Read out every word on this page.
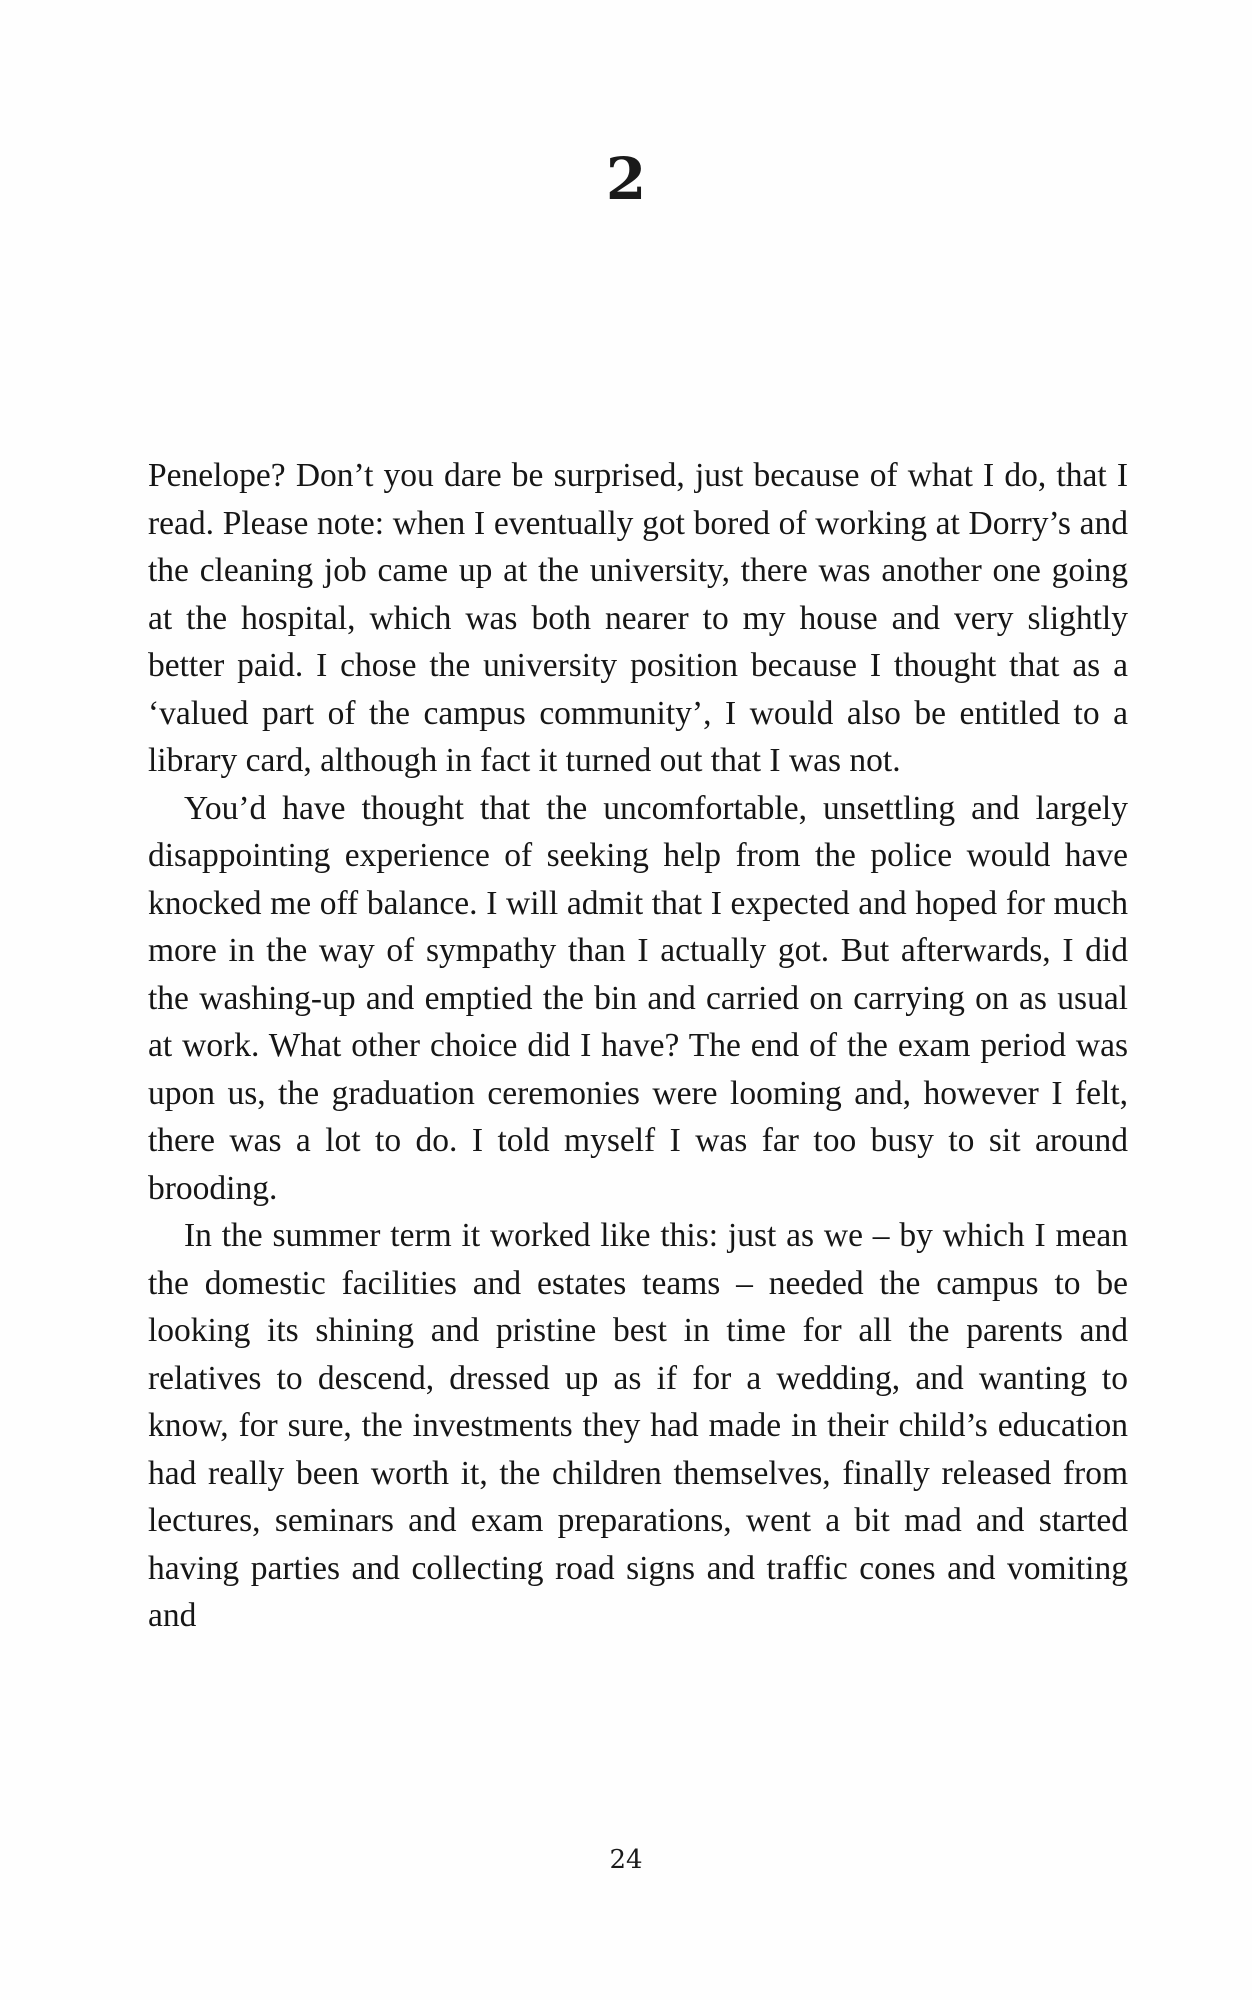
2

Penelope? Don’t you dare be surprised, just because of what I do, that I read. Please note: when I eventually got bored of working at Dorry’s and the cleaning job came up at the university, there was another one going at the hospital, which was both nearer to my house and very slightly better paid. I chose the university position because I thought that as a ‘valued part of the campus community’, I would also be entitled to a library card, although in fact it turned out that I was not.

You’d have thought that the uncomfortable, unsettling and largely disappointing experience of seeking help from the police would have knocked me off balance. I will admit that I expected and hoped for much more in the way of sympathy than I actually got. But afterwards, I did the washing-up and emptied the bin and carried on carrying on as usual at work. What other choice did I have? The end of the exam period was upon us, the graduation ceremonies were looming and, however I felt, there was a lot to do. I told myself I was far too busy to sit around brooding.

In the summer term it worked like this: just as we – by which I mean the domestic facilities and estates teams – needed the campus to be looking its shining and pristine best in time for all the parents and relatives to descend, dressed up as if for a wedding, and wanting to know, for sure, the investments they had made in their child’s education had really been worth it, the children themselves, finally released from lectures, seminars and exam preparations, went a bit mad and started having parties and collecting road signs and traffic cones and vomiting and

24
